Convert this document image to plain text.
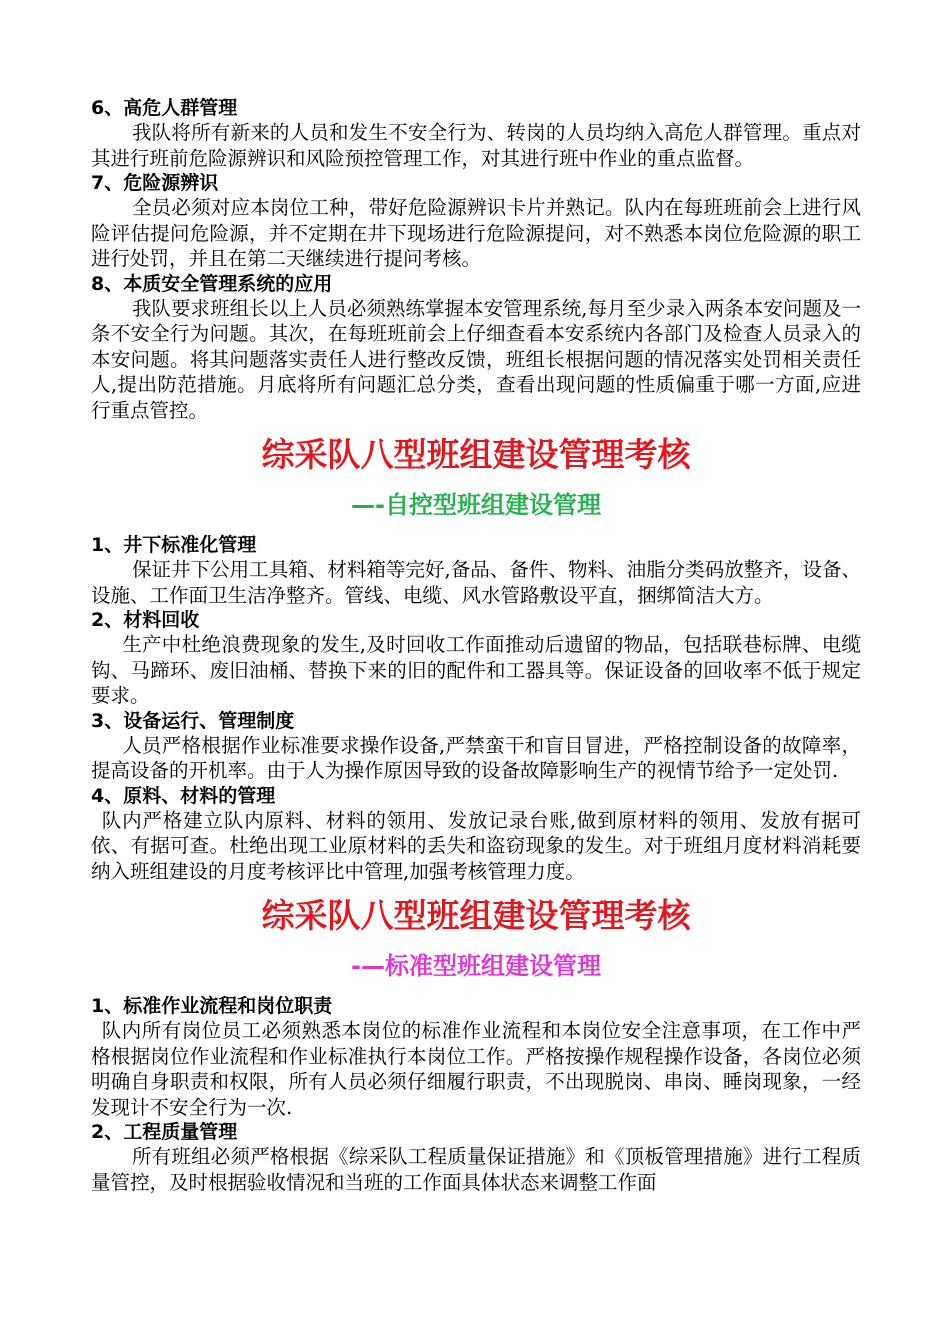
6、高危人群管理

我队将所有新来的人员和发生不安全行为、转岗的人员均纳入高危人群管理。重点对其进行班前危险源辨识和风险预控管理工作，对其进行班中作业的重点监督。

7、危险源辨识

全员必须对应本岗位工种，带好危险源辨识卡片并熟记。队内在每班班前会上进行风险评估提问危险源，并不定期在井下现场进行危险源提问，对不熟悉本岗位危险源的职工进行处罚，并且在第二天继续进行提问考核。

8、本质安全管理系统的应用

我队要求班组长以上人员必须熟练掌握本安管理系统,每月至少录入两条本安问题及一条不安全行为问题。其次，在每班班前会上仔细查看本安系统内各部门及检查人员录入的本安问题。将其问题落实责任人进行整改反馈，班组长根据问题的情况落实处罚相关责任人,提出防范措施。月底将所有问题汇总分类，查看出现问题的性质偏重于哪一方面,应进行重点管控。

综采队八型班组建设管理考核
—-自控型班组建设管理

1、井下标准化管理

保证井下公用工具箱、材料箱等完好,备品、备件、物料、油脂分类码放整齐，设备、设施、工作面卫生洁净整齐。管线、电缆、风水管路敷设平直，捆绑简洁大方。

2、材料回收

生产中杜绝浪费现象的发生,及时回收工作面推动后遗留的物品，包括联巷标牌、电缆钩、马蹄环、废旧油桶、替换下来的旧的配件和工器具等。保证设备的回收率不低于规定要求。

3、设备运行、管理制度

人员严格根据作业标准要求操作设备,严禁蛮干和盲目冒进，严格控制设备的故障率，提高设备的开机率。由于人为操作原因导致的设备故障影响生产的视情节给予一定处罚.

4、原料、材料的管理

队内严格建立队内原料、材料的领用、发放记录台账,做到原材料的领用、发放有据可依、有据可查。杜绝出现工业原材料的丢失和盗窃现象的发生。对于班组月度材料消耗要纳入班组建设的月度考核评比中管理,加强考核管理力度。

综采队八型班组建设管理考核
-—标准型班组建设管理

1、标准作业流程和岗位职责

队内所有岗位员工必须熟悉本岗位的标准作业流程和本岗位安全注意事项，在工作中严格根据岗位作业流程和作业标准执行本岗位工作。严格按操作规程操作设备，各岗位必须明确自身职责和权限，所有人员必须仔细履行职责，不出现脱岗、串岗、睡岗现象，一经发现计不安全行为一次.

2、工程质量管理

所有班组必须严格根据《综采队工程质量保证措施》和《顶板管理措施》进行工程质量管控，及时根据验收情况和当班的工作面具体状态来调整工作面
